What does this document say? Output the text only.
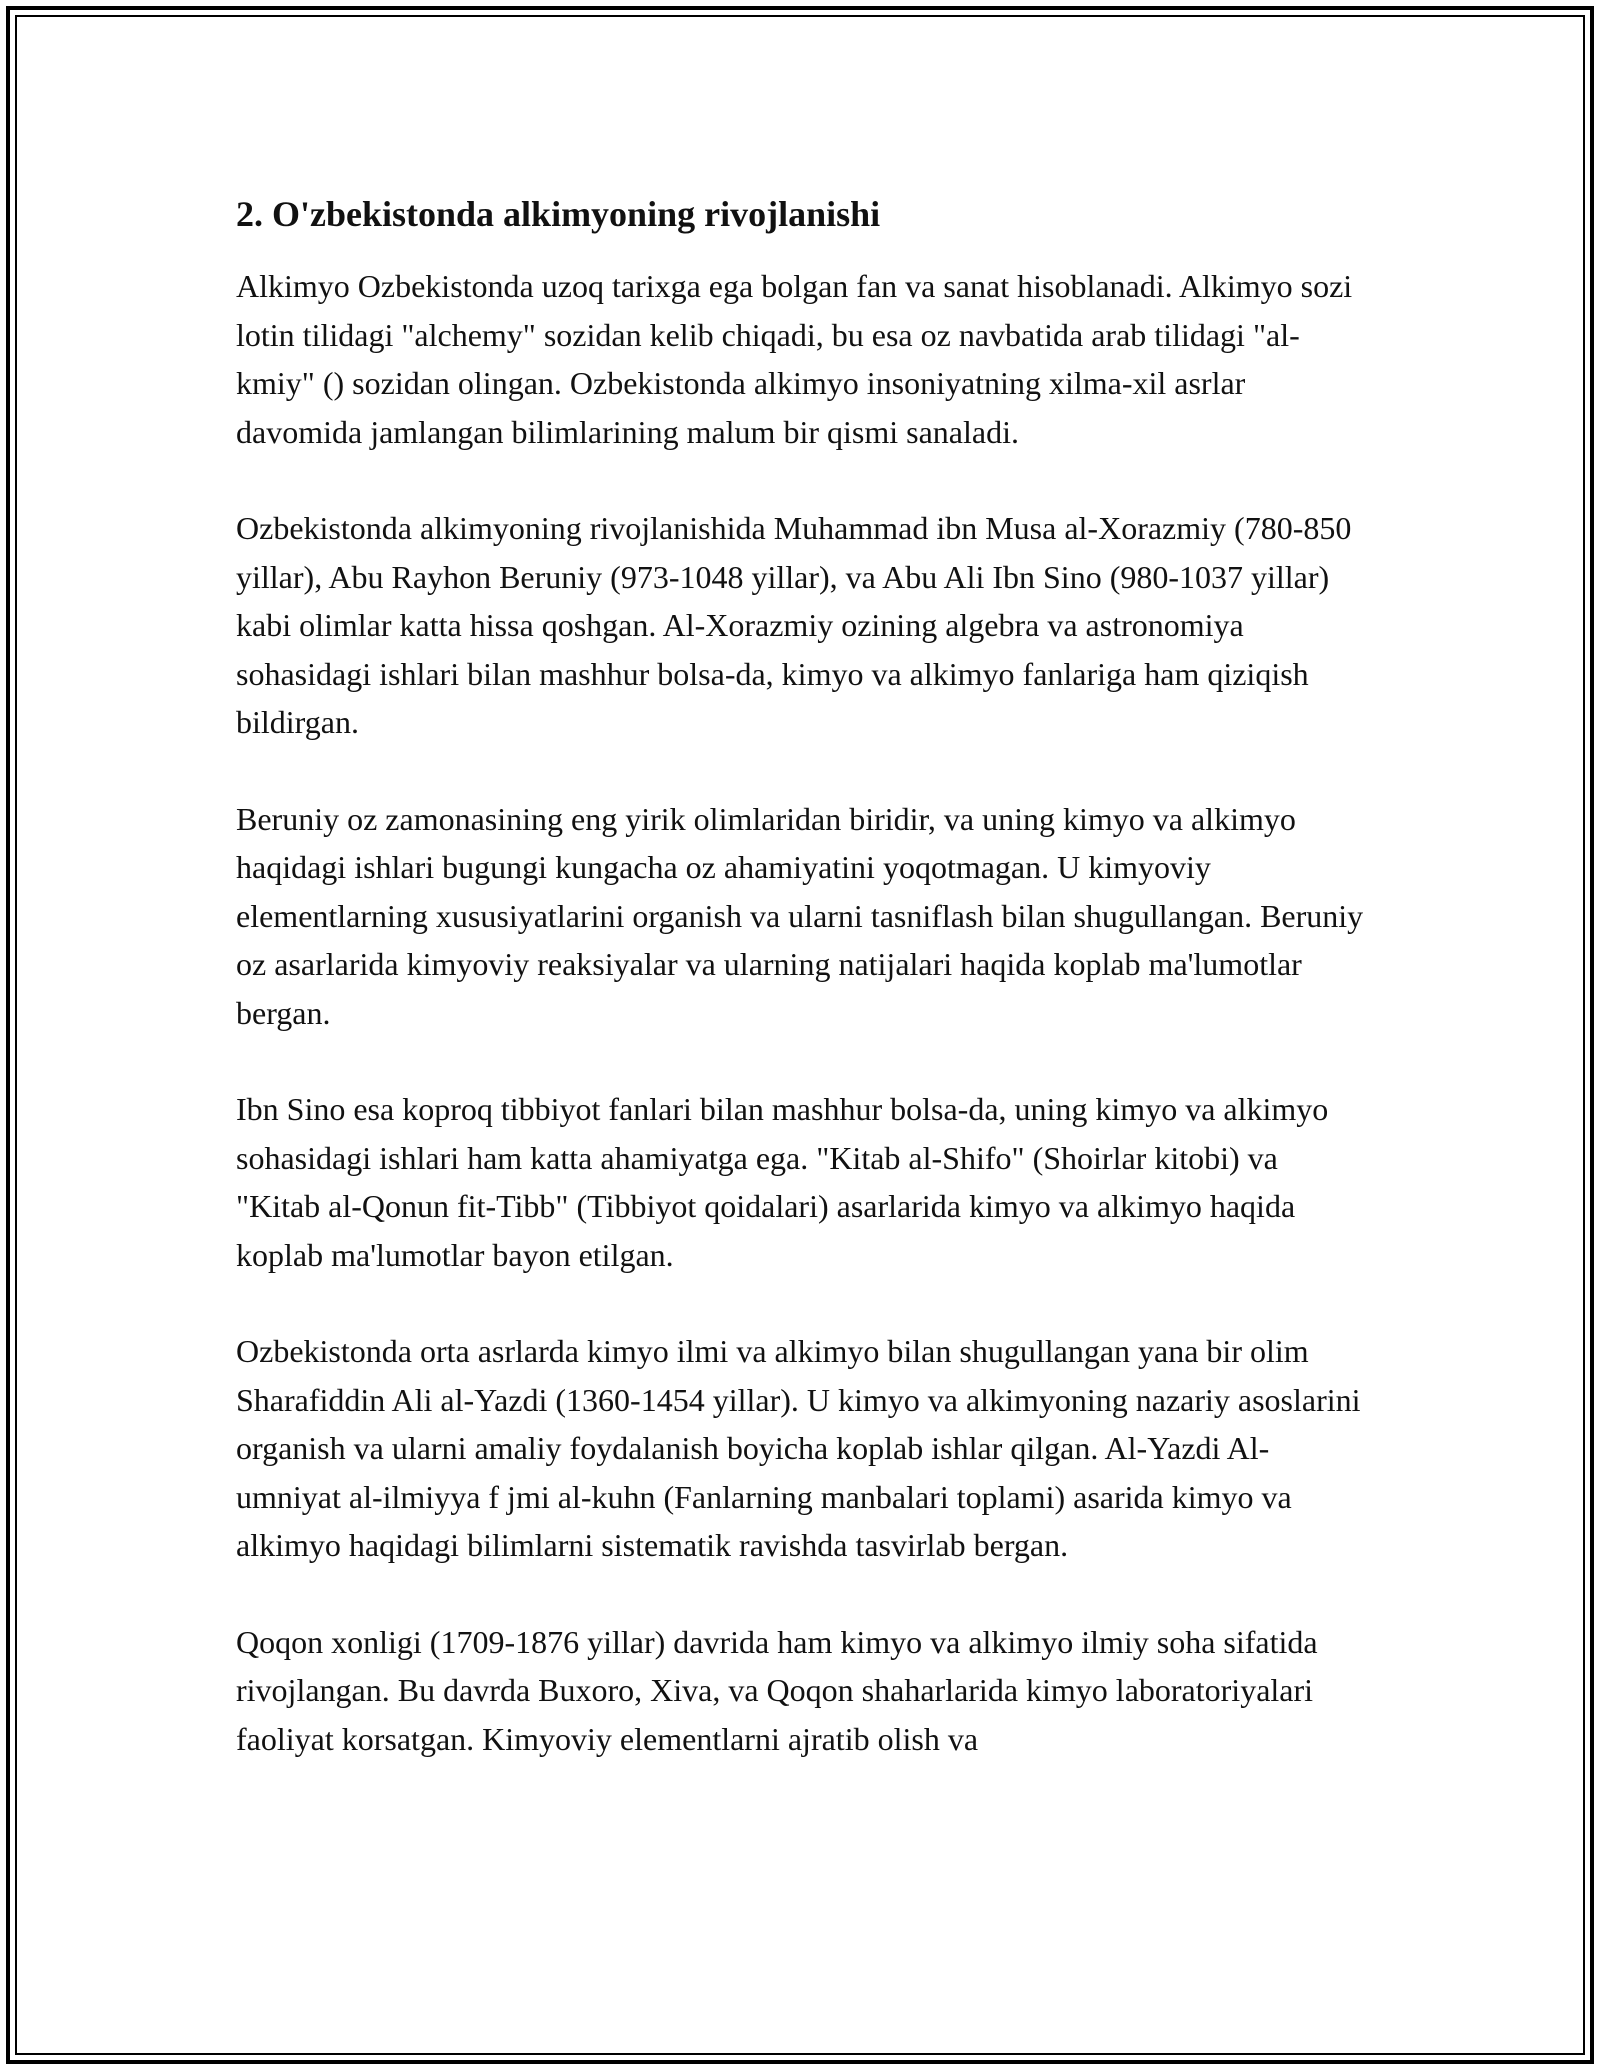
2. O'zbekistonda alkimyoning rivojlanishi

Alkimyo Ozbekistonda uzoq tarixga ega bolgan fan va sanat hisoblanadi. Alkimyo sozi lotin tilidagi "alchemy" sozidan kelib chiqadi, bu esa oz navbatida arab tilidagi "al-kmiy" () sozidan olingan. Ozbekistonda alkimyo insoniyatning xilma-xil asrlar davomida jamlangan bilimlarining malum bir qismi sanaladi.

Ozbekistonda alkimyoning rivojlanishida Muhammad ibn Musa al-Xorazmiy (780-850 yillar), Abu Rayhon Beruniy (973-1048 yillar), va Abu Ali Ibn Sino (980-1037 yillar) kabi olimlar katta hissa qoshgan. Al-Xorazmiy ozining algebra va astronomiya sohasidagi ishlari bilan mashhur bolsa-da, kimyo va alkimyo fanlariga ham qiziqish bildirgan.

Beruniy oz zamonasining eng yirik olimlaridan biridir, va uning kimyo va alkimyo haqidagi ishlari bugungi kungacha oz ahamiyatini yoqotmagan. U kimyoviy elementlarning xususiyatlarini organish va ularni tasniflash bilan shugullangan. Beruniy oz asarlarida kimyoviy reaksiyalar va ularning natijalari haqida koplab ma'lumotlar bergan.

Ibn Sino esa koproq tibbiyot fanlari bilan mashhur bolsa-da, uning kimyo va alkimyo sohasidagi ishlari ham katta ahamiyatga ega. "Kitab al-Shifo" (Shoirlar kitobi) va "Kitab al-Qonun fit-Tibb" (Tibbiyot qoidalari) asarlarida kimyo va alkimyo haqida koplab ma'lumotlar bayon etilgan.

Ozbekistonda orta asrlarda kimyo ilmi va alkimyo bilan shugullangan yana bir olim Sharafiddin Ali al-Yazdi (1360-1454 yillar). U kimyo va alkimyoning nazariy asoslarini organish va ularni amaliy foydalanish boyicha koplab ishlar qilgan. Al-Yazdi Al-umniyat al-ilmiyya f jmi al-kuhn (Fanlarning manbalari toplami) asarida kimyo va alkimyo haqidagi bilimlarni sistematik ravishda tasvirlab bergan.

Qoqon xonligi (1709-1876 yillar) davrida ham kimyo va alkimyo ilmiy soha sifatida rivojlangan. Bu davrda Buxoro, Xiva, va Qoqon shaharlarida kimyo laboratoriyalari faoliyat korsatgan. Kimyoviy elementlarni ajratib olish va
